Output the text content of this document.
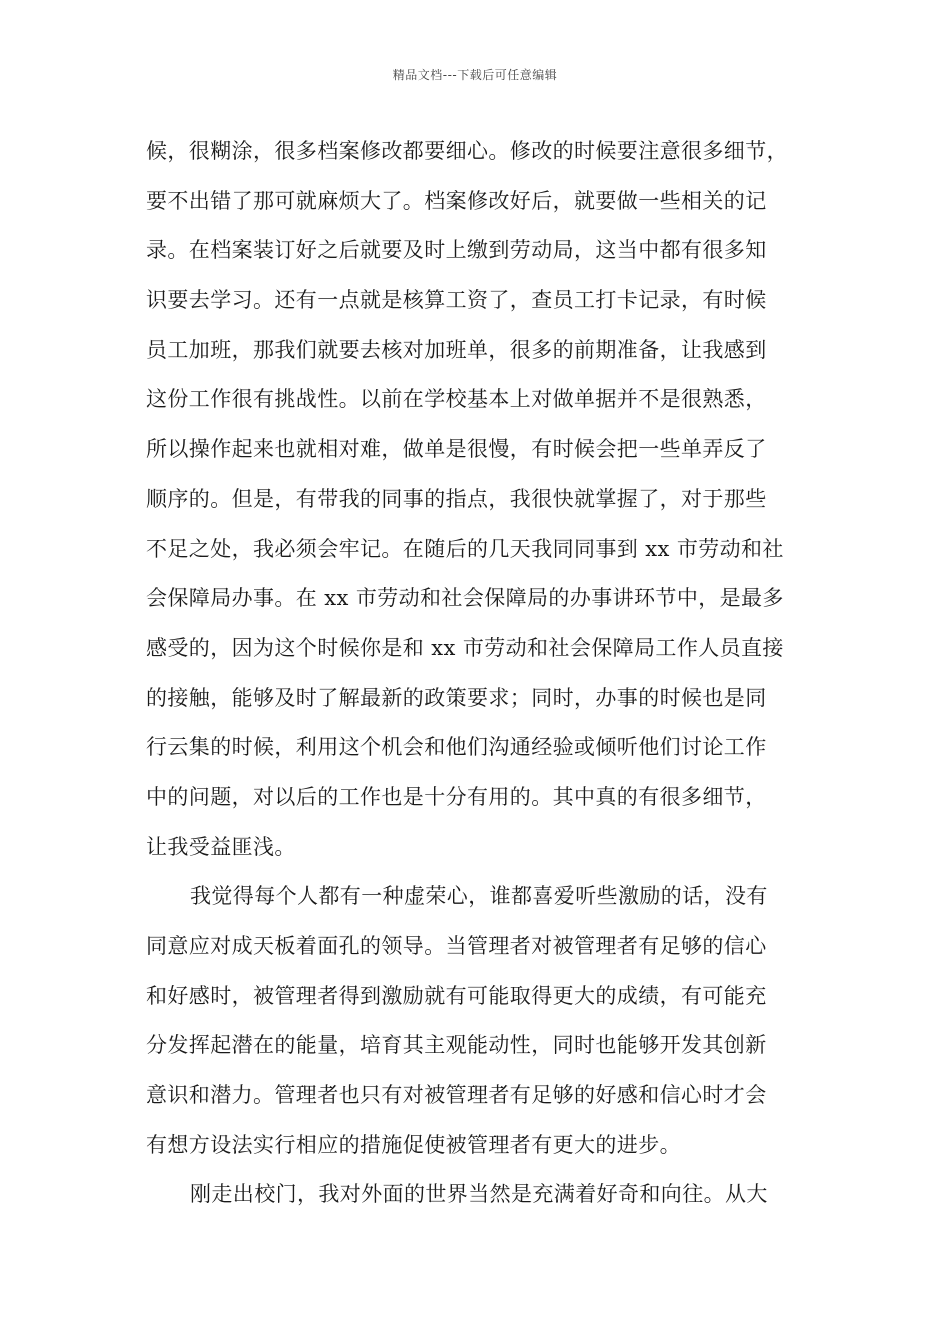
精品文档---下载后可任意编辑
候，很糊涂，很多档案修改都要细心。修改的时候要注意很多细节，
要不出错了那可就麻烦大了。档案修改好后，就要做一些相关的记
录。在档案装订好之后就要及时上缴到劳动局，这当中都有很多知
识要去学习。还有一点就是核算工资了，查员工打卡记录，有时候
员工加班，那我们就要去核对加班单，很多的前期准备，让我感到
这份工作很有挑战性。以前在学校基本上对做单据并不是很熟悉，
所以操作起来也就相对难，做单是很慢，有时候会把一些单弄反了
顺序的。但是，有带我的同事的指点，我很快就掌握了，对于那些
不足之处，我必须会牢记。在随后的几天我同同事到 xx 市劳动和社
会保障局办事。在 xx 市劳动和社会保障局的办事讲环节中，是最多
感受的，因为这个时候你是和 xx 市劳动和社会保障局工作人员直接
的接触，能够及时了解最新的政策要求；同时，办事的时候也是同
行云集的时候，利用这个机会和他们沟通经验或倾听他们讨论工作
中的问题，对以后的工作也是十分有用的。其中真的有很多细节，
让我受益匪浅。
我觉得每个人都有一种虚荣心，谁都喜爱听些激励的话，没有
同意应对成天板着面孔的领导。当管理者对被管理者有足够的信心
和好感时，被管理者得到激励就有可能取得更大的成绩，有可能充
分发挥起潜在的能量，培育其主观能动性，同时也能够开发其创新
意识和潜力。管理者也只有对被管理者有足够的好感和信心时才会
有想方设法实行相应的措施促使被管理者有更大的进步。
刚走出校门，我对外面的世界当然是充满着好奇和向往。从大
